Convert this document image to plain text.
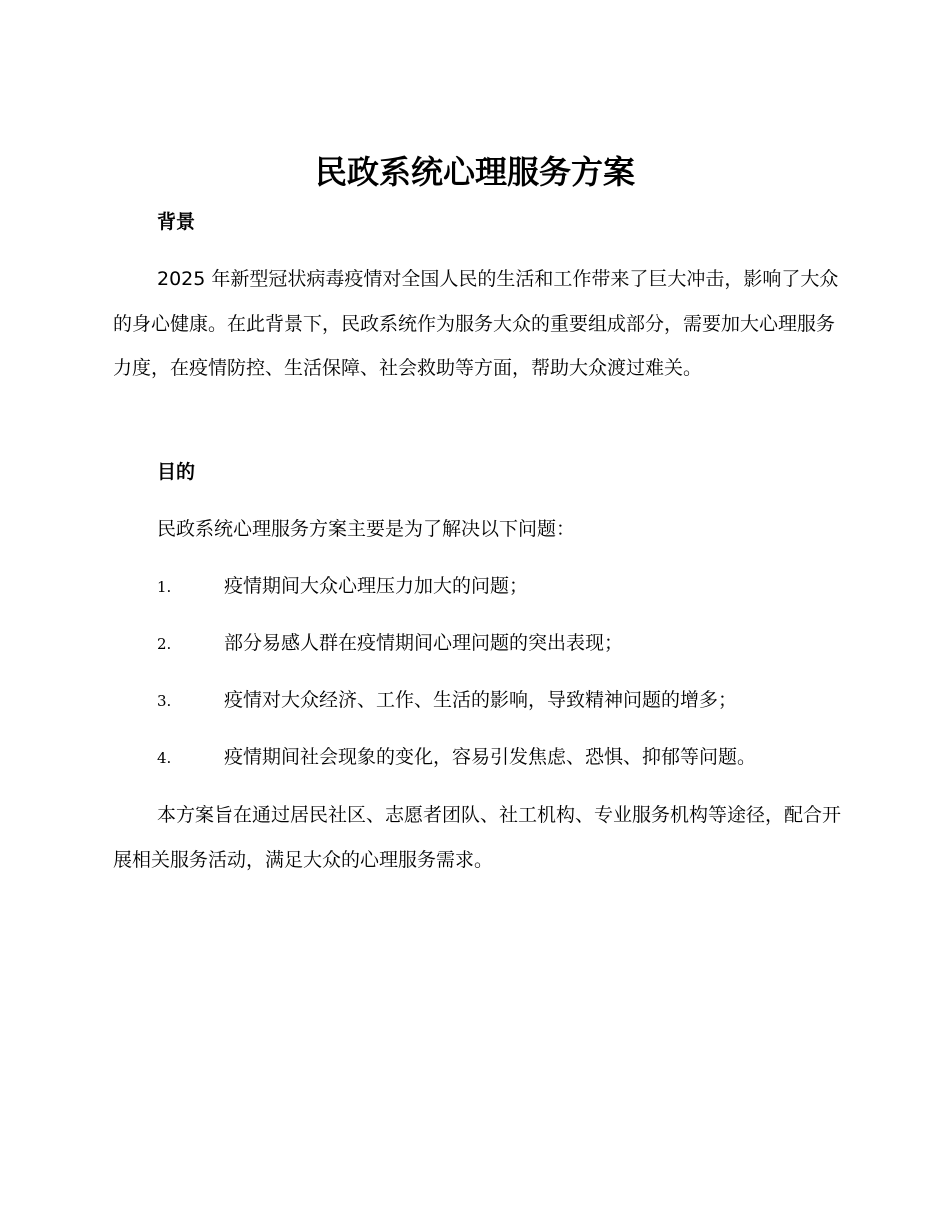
民政系统心理服务方案
背景

2025 年新型冠状病毒疫情对全国人民的生活和工作带来了巨大冲击，影响了大众的身心健康。在此背景下，民政系统作为服务大众的重要组成部分，需要加大心理服务力度，在疫情防控、生活保障、社会救助等方面，帮助大众渡过难关。

目的

民政系统心理服务方案主要是为了解决以下问题：

1.	疫情期间大众心理压力加大的问题；
2.	部分易感人群在疫情期间心理问题的突出表现；
3.	疫情对大众经济、工作、生活的影响，导致精神问题的增多；
4.	疫情期间社会现象的变化，容易引发焦虑、恐惧、抑郁等问题。

本方案旨在通过居民社区、志愿者团队、社工机构、专业服务机构等途径，配合开展相关服务活动，满足大众的心理服务需求。
